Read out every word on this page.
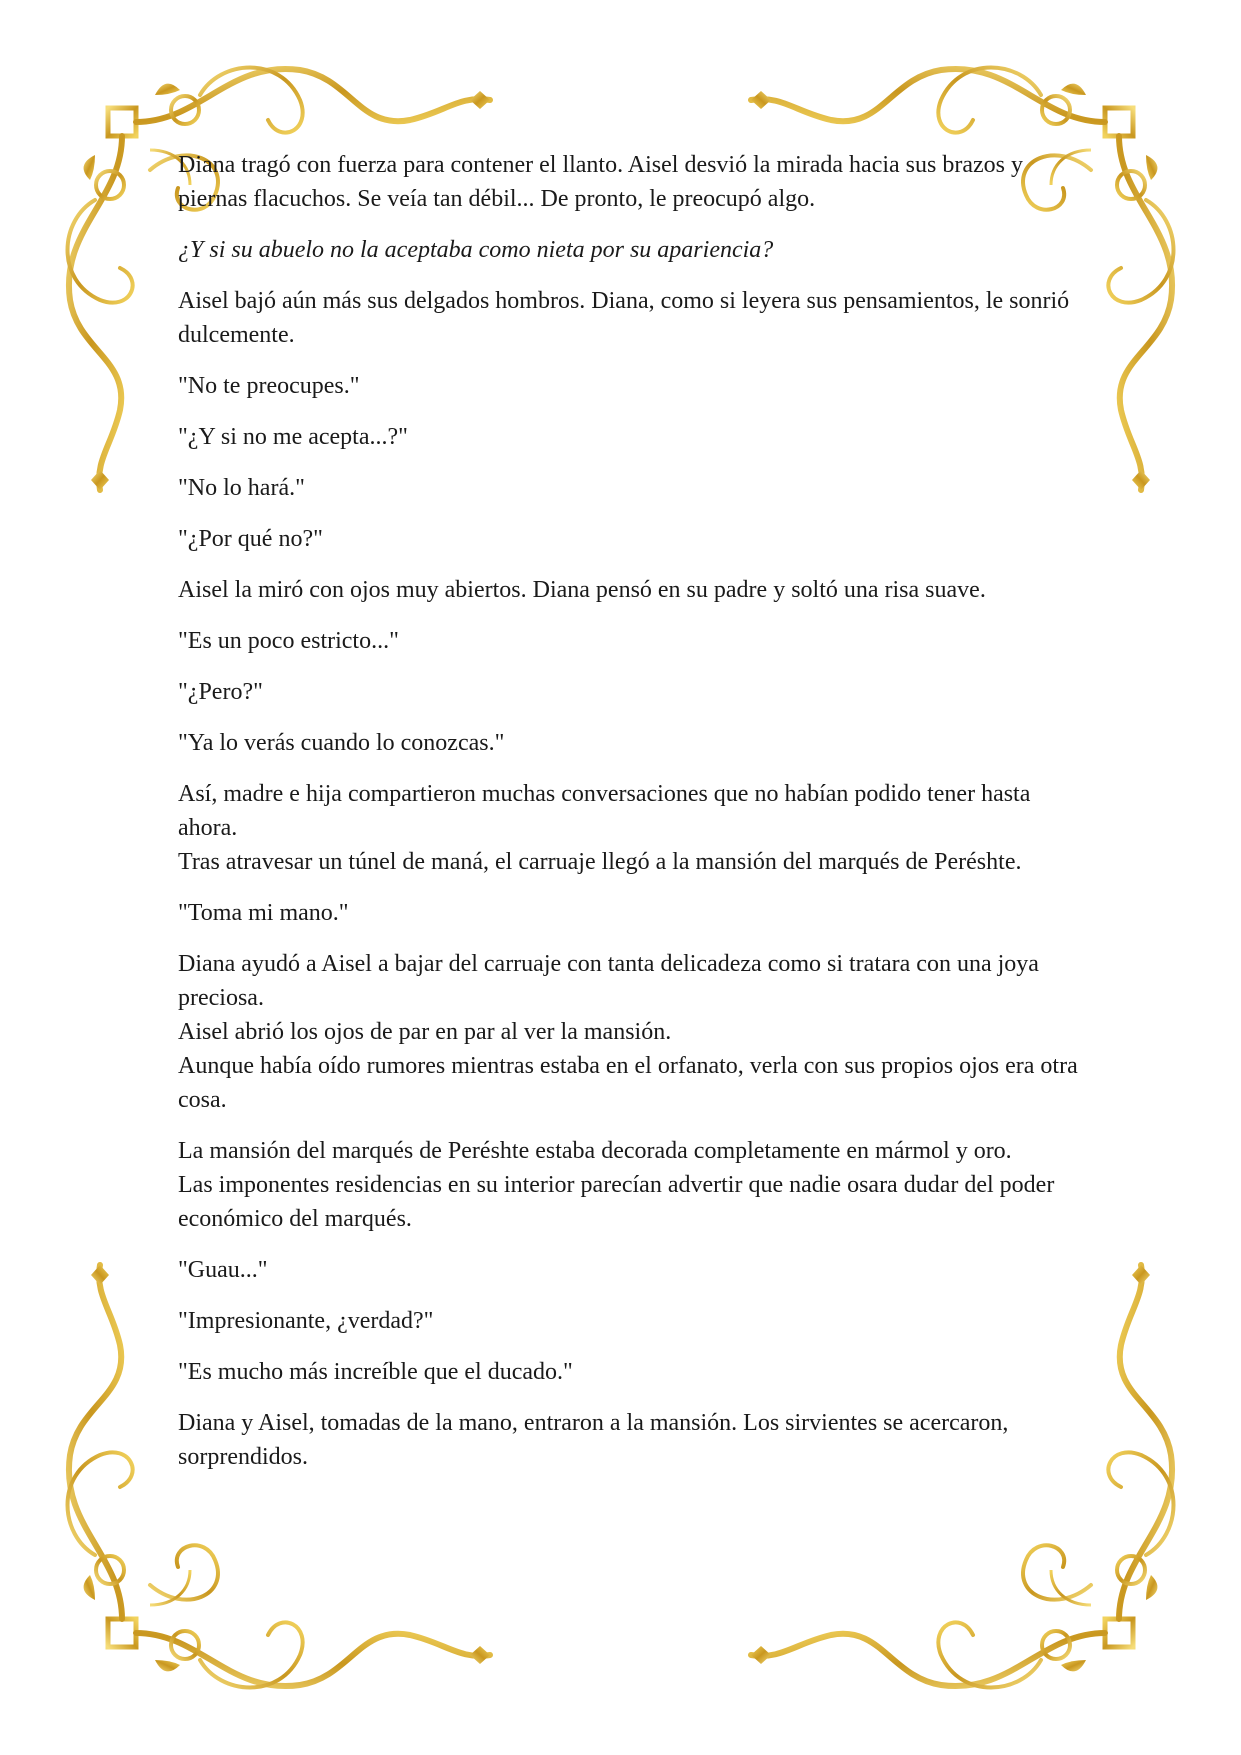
Diana tragó con fuerza para contener el llanto. Aisel desvió la mirada hacia sus brazos y piernas flacuchos. Se veía tan débil... De pronto, le preocupó algo.

¿Y si su abuelo no la aceptaba como nieta por su apariencia?

Aisel bajó aún más sus delgados hombros. Diana, como si leyera sus pensamientos, le sonrió dulcemente.

"No te preocupes."

"¿Y si no me acepta...?"

"No lo hará."

"¿Por qué no?"

Aisel la miró con ojos muy abiertos. Diana pensó en su padre y soltó una risa suave.

"Es un poco estricto..."

"¿Pero?"

"Ya lo verás cuando lo conozcas."

Así, madre e hija compartieron muchas conversaciones que no habían podido tener hasta ahora.
Tras atravesar un túnel de maná, el carruaje llegó a la mansión del marqués de Peréshte.

"Toma mi mano."

Diana ayudó a Aisel a bajar del carruaje con tanta delicadeza como si tratara con una joya preciosa.
Aisel abrió los ojos de par en par al ver la mansión.
Aunque había oído rumores mientras estaba en el orfanato, verla con sus propios ojos era otra cosa.

La mansión del marqués de Peréshte estaba decorada completamente en mármol y oro.
Las imponentes residencias en su interior parecían advertir que nadie osara dudar del poder económico del marqués.

"Guau..."

"Impresionante, ¿verdad?"

"Es mucho más increíble que el ducado."

Diana y Aisel, tomadas de la mano, entraron a la mansión. Los sirvientes se acercaron, sorprendidos.
